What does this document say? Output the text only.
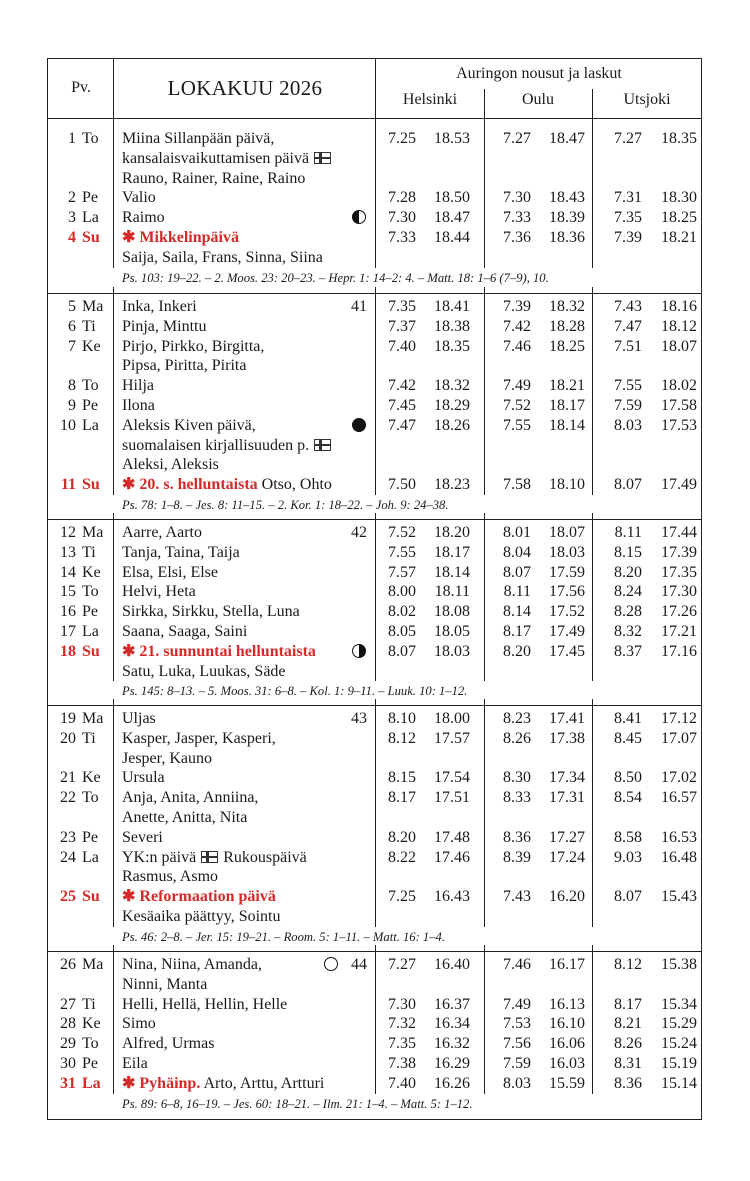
Pv.	LOKAKUU 2026
Auringon nousut ja laskut
Helsinki	Oulu	Utsjoki
1 To Miina Sillanpään päivä,
kansalaisvaikuttamisen päivä
Rauno, Rainer, Raine, Raino
7.25 18.53	7.27 18.47	7.27 18.35
2 Pe Valio	7.28 18.50	7.30 18.43	7.31 18.30
3 La Raimo	7.30 18.47	7.33 18.39	7.35 18.25
4 Su ✱ Mikkelinpäivä
Saija, Saila, Frans, Sinna, Siina
7.33 18.44	7.36 18.36	7.39 18.21
Ps. 103: 19–22. – 2. Moos. 23: 20–23. – Hepr. 1: 14–2: 4. – Matt. 18: 1–6 (7–9), 10.
5 Ma Inka, Inkeri	41	7.35 18.41	7.39 18.32	7.43 18.16
6 Ti Pinja, Minttu	7.37 18.38	7.42 18.28	7.47 18.12
7 Ke Pirjo, Pirkko, Birgitta,
Pipsa, Piritta, Pirita
7.40 18.35	7.46 18.25	7.51 18.07
8 To Hilja	7.42 18.32	7.49 18.21	7.55 18.02
9 Pe Ilona	7.45 18.29	7.52 18.17	7.59 17.58
10 La Aleksis Kiven päivä,
suomalaisen kirjallisuuden p.
Aleksi, Aleksis
7.47 18.26	7.55 18.14	8.03 17.53
11 Su ✱ 20. s. helluntaista Otso, Ohto	7.50 18.23	7.58 18.10	8.07 17.49
Ps. 78: 1–8. – Jes. 8: 11–15. – 2. Kor. 1: 18–22. – Joh. 9: 24–38.
12 Ma Aarre, Aarto	42	7.52 18.20	8.01 18.07	8.11 17.44
13 Ti Tanja, Taina, Taija	7.55 18.17	8.04 18.03	8.15 17.39
14 Ke Elsa, Elsi, Else	7.57 18.14	8.07 17.59	8.20 17.35
15 To Helvi, Heta	8.00 18.11	8.11 17.56	8.24 17.30
16 Pe Sirkka, Sirkku, Stella, Luna	8.02 18.08	8.14 17.52	8.28 17.26
17 La Saana, Saaga, Saini	8.05 18.05	8.17 17.49	8.32 17.21
18 Su ✱ 21. sunnuntai helluntaista
Satu, Luka, Luukas, Säde
8.07 18.03	8.20 17.45	8.37 17.16
Ps. 145: 8–13. – 5. Moos. 31: 6–8. – Kol. 1: 9–11. – Luuk. 10: 1–12.
19 Ma Uljas	43	8.10 18.00	8.23 17.41	8.41 17.12
20 Ti Kasper, Jasper, Kasperi,
Jesper, Kauno
8.12 17.57	8.26 17.38	8.45 17.07
21 Ke Ursula	8.15 17.54	8.30 17.34	8.50 17.02
22 To Anja, Anita, Anniina,
Anette, Anitta, Nita
8.17 17.51	8.33 17.31	8.54 16.57
23 Pe Severi	8.20 17.48	8.36 17.27	8.58 16.53
24 La YK:n päivä Rukouspäivä
Rasmus, Asmo
8.22 17.46	8.39 17.24	9.03 16.48
25 Su ✱ Reformaation päivä
Kesäaika päättyy, Sointu
7.25 16.43	7.43 16.20	8.07 15.43
Ps. 46: 2–8. – Jer. 15: 19–21. – Room. 5: 1–11. – Matt. 16: 1–4.
26 Ma Nina, Niina, Amanda,
Ninni, Manta
44	7.27 16.40	7.46 16.17	8.12 15.38
27 Ti Helli, Hellä, Hellin, Helle	7.30 16.37	7.49 16.13	8.17 15.34
28 Ke Simo	7.32 16.34	7.53 16.10	8.21 15.29
29 To Alfred, Urmas	7.35 16.32	7.56 16.06	8.26 15.24
30 Pe Eila	7.38 16.29	7.59 16.03	8.31 15.19
31 La ✱ Pyhäinp. Arto, Arttu, Artturi	7.40 16.26	8.03 15.59	8.36 15.14
Ps. 89: 6–8, 16–19. – Jes. 60: 18–21. – Ilm. 21: 1–4. – Matt. 5: 1–12.
